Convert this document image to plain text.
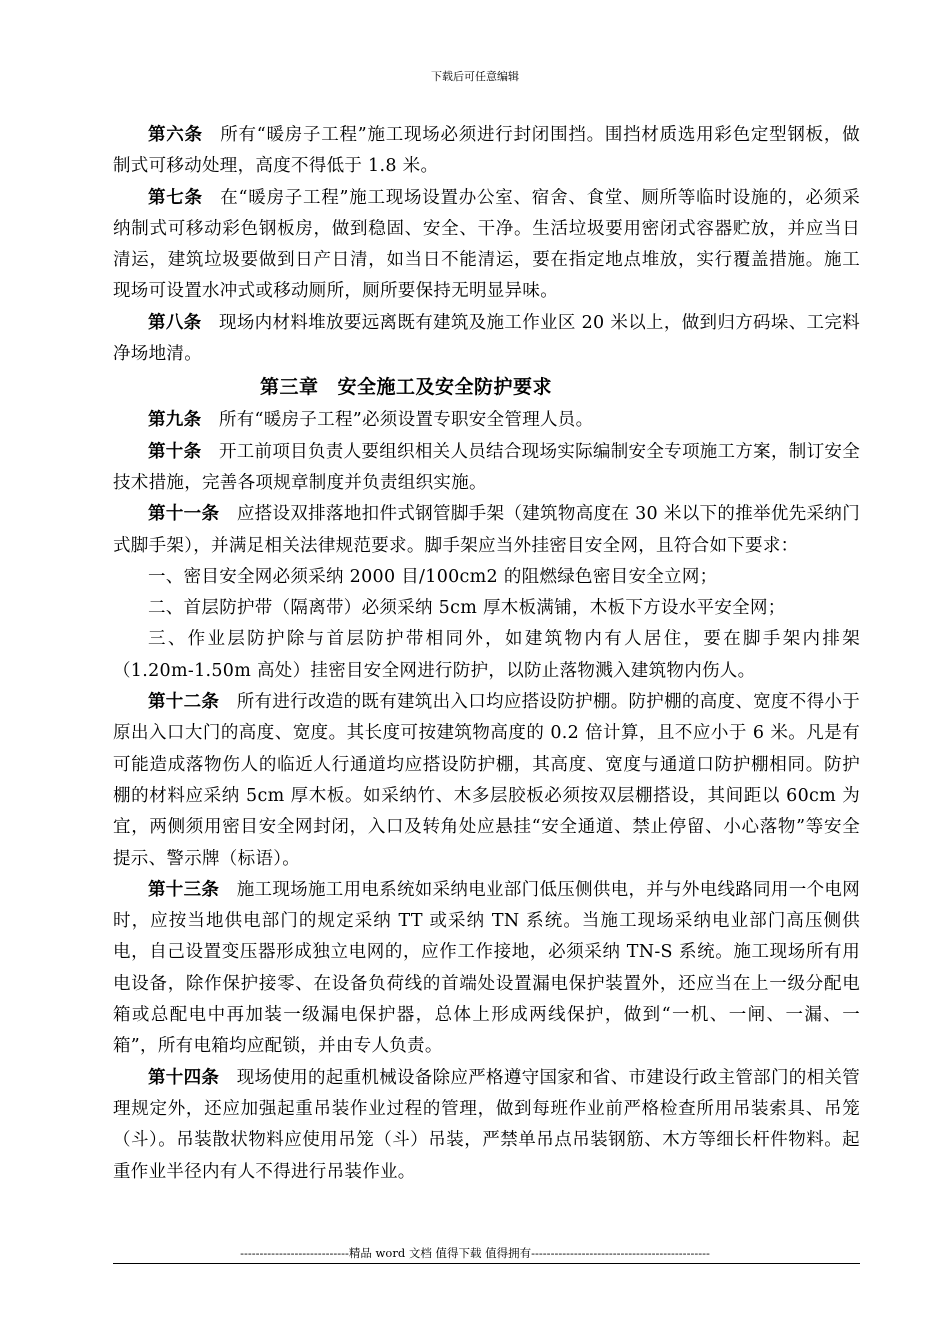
下载后可任意编辑

第六条 所有“暖房子工程”施工现场必须进行封闭围挡。围挡材质选用彩色定型钢板，做制式可移动处理，高度不得低于 1.8 米。

第七条 在“暖房子工程”施工现场设置办公室、宿舍、食堂、厕所等临时设施的，必须采纳制式可移动彩色钢板房，做到稳固、安全、干净。生活垃圾要用密闭式容器贮放，并应当日清运，建筑垃圾要做到日产日清，如当日不能清运，要在指定地点堆放，实行覆盖措施。施工现场可设置水冲式或移动厕所，厕所要保持无明显异味。

第八条 现场内材料堆放要远离既有建筑及施工作业区 20 米以上，做到归方码垛、工完料净场地清。

第三章 安全施工及安全防护要求

第九条 所有“暖房子工程”必须设置专职安全管理人员。

第十条 开工前项目负责人要组织相关人员结合现场实际编制安全专项施工方案，制订安全技术措施，完善各项规章制度并负责组织实施。

第十一条 应搭设双排落地扣件式钢管脚手架（建筑物高度在 30 米以下的推举优先采纳门式脚手架），并满足相关法律规范要求。脚手架应当外挂密目安全网，且符合如下要求：

一、密目安全网必须采纳 2000 目/100cm2 的阻燃绿色密目安全立网；

二、首层防护带（隔离带）必须采纳 5cm 厚木板满铺，木板下方设水平安全网；

三、作业层防护除与首层防护带相同外，如建筑物内有人居住，要在脚手架内排架（1.20m-1.50m 高处）挂密目安全网进行防护，以防止落物溅入建筑物内伤人。

第十二条 所有进行改造的既有建筑出入口均应搭设防护棚。防护棚的高度、宽度不得小于原出入口大门的高度、宽度。其长度可按建筑物高度的 0.2 倍计算，且不应小于 6 米。凡是有可能造成落物伤人的临近人行通道均应搭设防护棚，其高度、宽度与通道口防护棚相同。防护棚的材料应采纳 5cm 厚木板。如采纳竹、木多层胶板必须按双层棚搭设，其间距以 60cm 为宜，两侧须用密目安全网封闭，入口及转角处应悬挂“安全通道、禁止停留、小心落物”等安全提示、警示牌（标语）。

第十三条 施工现场施工用电系统如采纳电业部门低压侧供电，并与外电线路同用一个电网时，应按当地供电部门的规定采纳 TT 或采纳 TN 系统。当施工现场采纳电业部门高压侧供电，自己设置变压器形成独立电网的，应作工作接地，必须采纳 TN-S 系统。施工现场所有用电设备，除作保护接零、在设备负荷线的首端处设置漏电保护装置外，还应当在上一级分配电箱或总配电中再加装一级漏电保护器，总体上形成两线保护，做到“一机、一闸、一漏、一箱”，所有电箱均应配锁，并由专人负责。

第十四条 现场使用的起重机械设备除应严格遵守国家和省、市建设行政主管部门的相关管理规定外，还应加强起重吊装作业过程的管理，做到每班作业前严格检查所用吊装索具、吊笼（斗）。吊装散状物料应使用吊笼（斗）吊装，严禁单吊点吊装钢筋、木方等细长杆件物料。起重作业半径内有人不得进行吊装作业。

----------------------------精品 word 文档 值得下载 值得拥有----------------------------------------------
